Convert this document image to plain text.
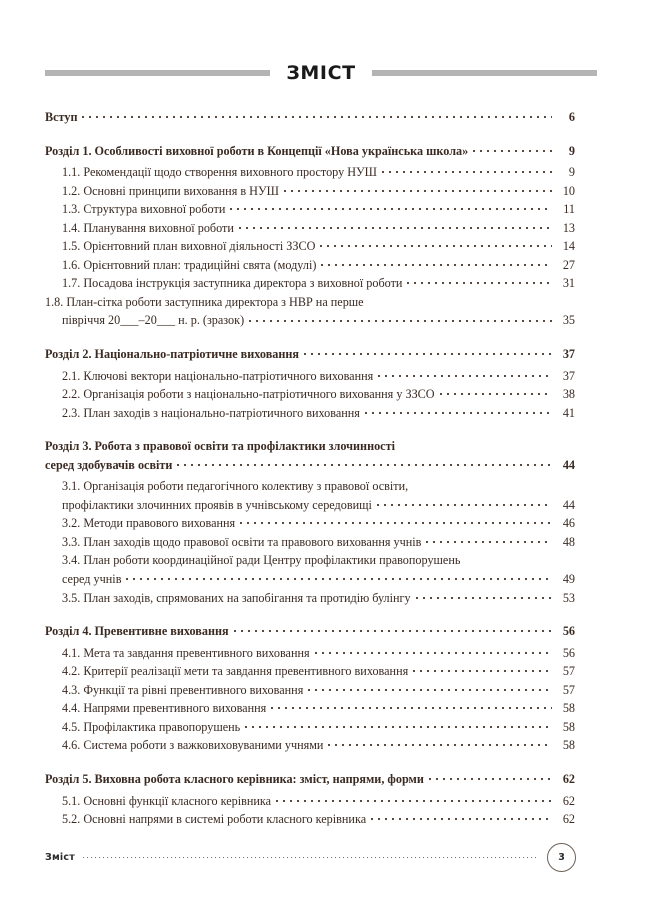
ЗМІСТ
Вступ	6
Розділ 1. Особливості виховної роботи в Концепції «Нова українська школа»	9
1.1. Рекомендації щодо створення виховного простору НУШ	9
1.2. Основні принципи виховання в НУШ	10
1.3. Структура виховної роботи	11
1.4. Планування виховної роботи	13
1.5. Орієнтовний план виховної діяльності ЗЗСО	14
1.6. Орієнтовний план: традиційні свята (модулі)	27
1.7. Посадова інструкція заступника директора з виховної роботи	31
1.8. План-сітка роботи заступника директора з НВР на перше
півріччя 20___–20___ н. р. (зразок)	35
Розділ 2. Національно-патріотичне виховання	37
2.1. Ключові вектори національно-патріотичного виховання	37
2.2. Організація роботи з національно-патріотичного виховання у ЗЗСО	38
2.3. План заходів з національно-патріотичного виховання	41
Розділ 3. Робота з правової освіти та профілактики злочинності
серед здобувачів освіти	44
3.1. Організація роботи педагогічного колективу з правової освіти,
профілактики злочинних проявів в учнівському середовищі	44
3.2. Методи правового виховання	46
3.3. План заходів щодо правової освіти та правового виховання учнів	48
3.4. План роботи координаційної ради Центру профілактики правопорушень
серед учнів	49
3.5. План заходів, спрямованих на запобігання та протидію булінгу	53
Розділ 4. Превентивне виховання	56
4.1. Мета та завдання превентивного виховання	56
4.2. Критерії реалізації мети та завдання превентивного виховання	57
4.3. Функції та рівні превентивного виховання	57
4.4. Напрями превентивного виховання	58
4.5. Профілактика правопорушень	58
4.6. Система роботи з важковиховуваними учнями	58
Розділ 5. Виховна робота класного керівника: зміст, напрями, форми	62
5.1. Основні функції класного керівника	62
5.2. Основні напрями в системі роботи класного керівника	62
Зміст	3
